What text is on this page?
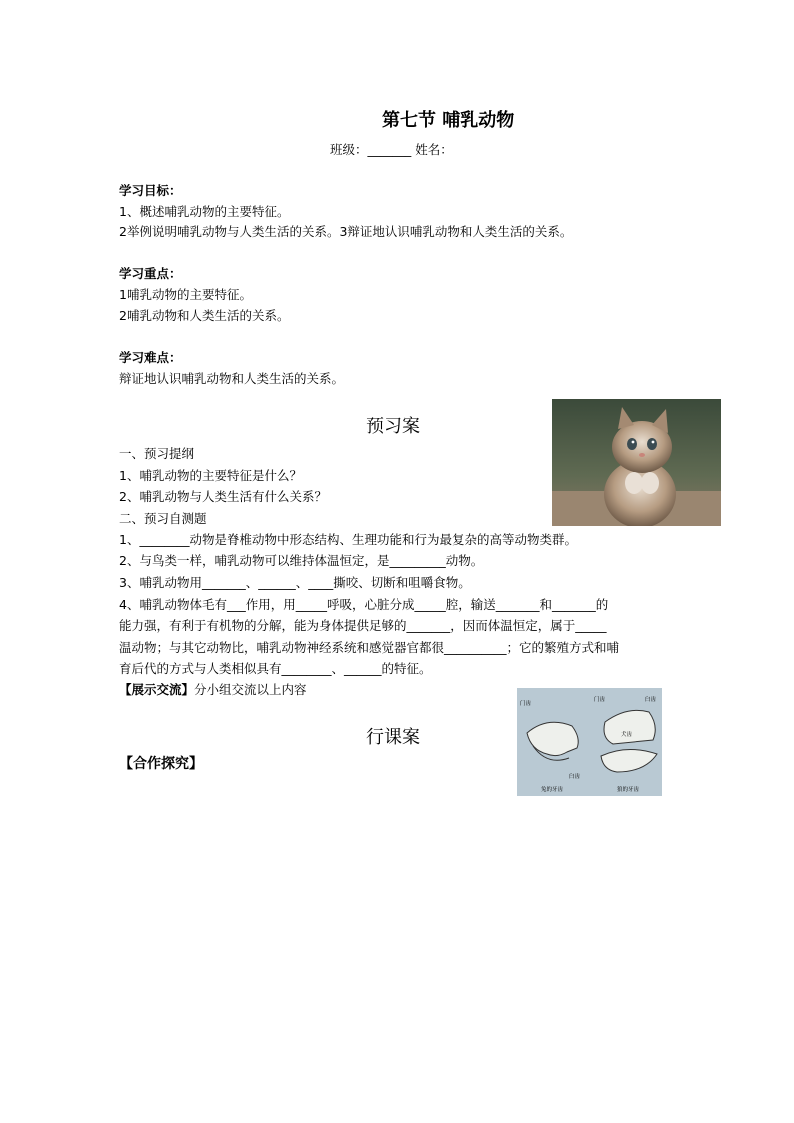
第七节 哺乳动物
班级：_______ 姓名：
学习目标：
1、概述哺乳动物的主要特征。
2举例说明哺乳动物与人类生活的关系。3辩证地认识哺乳动物和人类生活的关系。
学习重点：
1哺乳动物的主要特征。
2哺乳动物和人类生活的关系。
学习难点：
辩证地认识哺乳动物和人类生活的关系。
预习案
一、预习提纲
1、哺乳动物的主要特征是什么？
2、哺乳动物与人类生活有什么关系？
二、预习自测题
1、________动物是脊椎动物中形态结构、生理功能和行为最复杂的高等动物类群。
2、与鸟类一样，哺乳动物可以维持体温恒定，是_________动物。
3、哺乳动物用_______、______、____撕咬、切断和咀嚼食物。
4、哺乳动物体毛有___作用，用_____呼吸，心脏分成_____腔，输送_______和_______的
能力强，有利于有机物的分解，能为身体提供足够的_______，因而体温恒定，属于_____
温动物；与其它动物比，哺乳动物神经系统和感觉器官都很__________；它的繁殖方式和哺
育后代的方式与人类相似具有________、______的特征。
【展示交流】分小组交流以上内容
行课案
【合作探究】
门齿
臼齿
门齿
犬齿
臼齿
兔的牙齿	狼的牙齿
